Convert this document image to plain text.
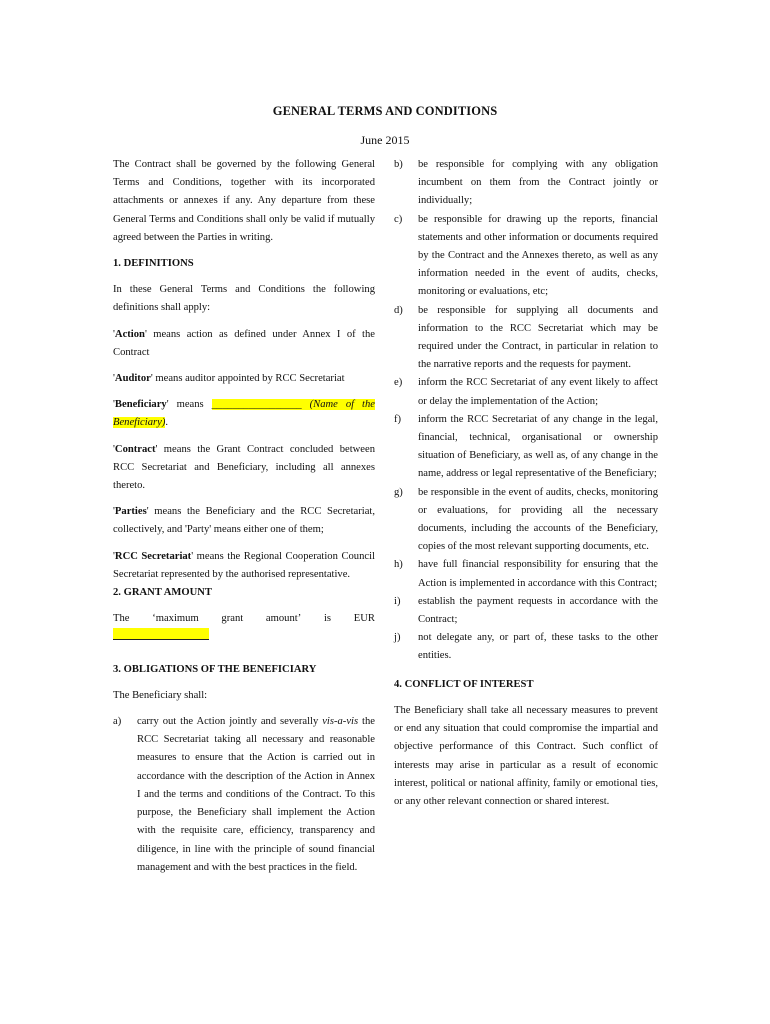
GENERAL TERMS AND CONDITIONS
June 2015

The Contract shall be governed by the following General Terms and Conditions, together with its incorporated attachments or annexes if any. Any departure from these General Terms and Conditions shall only be valid if mutually agreed between the Parties in writing.

1. DEFINITIONS

In these General Terms and Conditions the following definitions shall apply:

'Action' means action as defined under Annex I of the Contract

'Auditor' means auditor appointed by RCC Secretariat

'Beneficiary' means _________________ (Name of the Beneficiary).

'Contract' means the Grant Contract concluded between RCC Secretariat and Beneficiary, including all annexes thereto.

'Parties' means the Beneficiary and the RCC Secretariat, collectively, and 'Party' means either one of them;

'RCC Secretariat' means the Regional Cooperation Council Secretariat represented by the authorised representative.

2. GRANT AMOUNT

The ‘maximum grant amount’ is EUR

3. OBLIGATIONS OF THE BENEFICIARY

The Beneficiary shall:

a)	carry out the Action jointly and severally vis-a-vis the RCC Secretariat taking all necessary and reasonable measures to ensure that the Action is carried out in accordance with the description of the Action in Annex I and the terms and conditions of the Contract. To this purpose, the Beneficiary shall implement the Action with the requisite care, efficiency, transparency and diligence, in line with the principle of sound financial management and with the best practices in the field.
b)	be responsible for complying with any obligation incumbent on them from the Contract jointly or individually;
c)	be responsible for drawing up the reports, financial statements and other information or documents required by the Contract and the Annexes thereto, as well as any information needed in the event of audits, checks, monitoring or evaluations, etc;
d)	be responsible for supplying all documents and information to the RCC Secretariat which may be required under the Contract, in particular in relation to the narrative reports and the requests for payment.
e)	inform the RCC Secretariat of any event likely to affect or delay the implementation of the Action;
f)	inform the RCC Secretariat of any change in the legal, financial, technical, organisational or ownership situation of Beneficiary, as well as, of any change in the name, address or legal representative of the Beneficiary;
g)	be responsible in the event of audits, checks, monitoring or evaluations, for providing all the necessary documents, including the accounts of the Beneficiary, copies of the most relevant supporting documents, etc.
h)	have full financial responsibility for ensuring that the Action is implemented in accordance with this Contract;
i)	establish the payment requests in accordance with the Contract;
j)	not delegate any, or part of, these tasks to the other entities.

4. CONFLICT OF INTEREST

The Beneficiary shall take all necessary measures to prevent or end any situation that could compromise the impartial and objective performance of this Contract. Such conflict of interests may arise in particular as a result of economic interest, political or national affinity, family or emotional ties, or any other relevant connection or shared interest.
